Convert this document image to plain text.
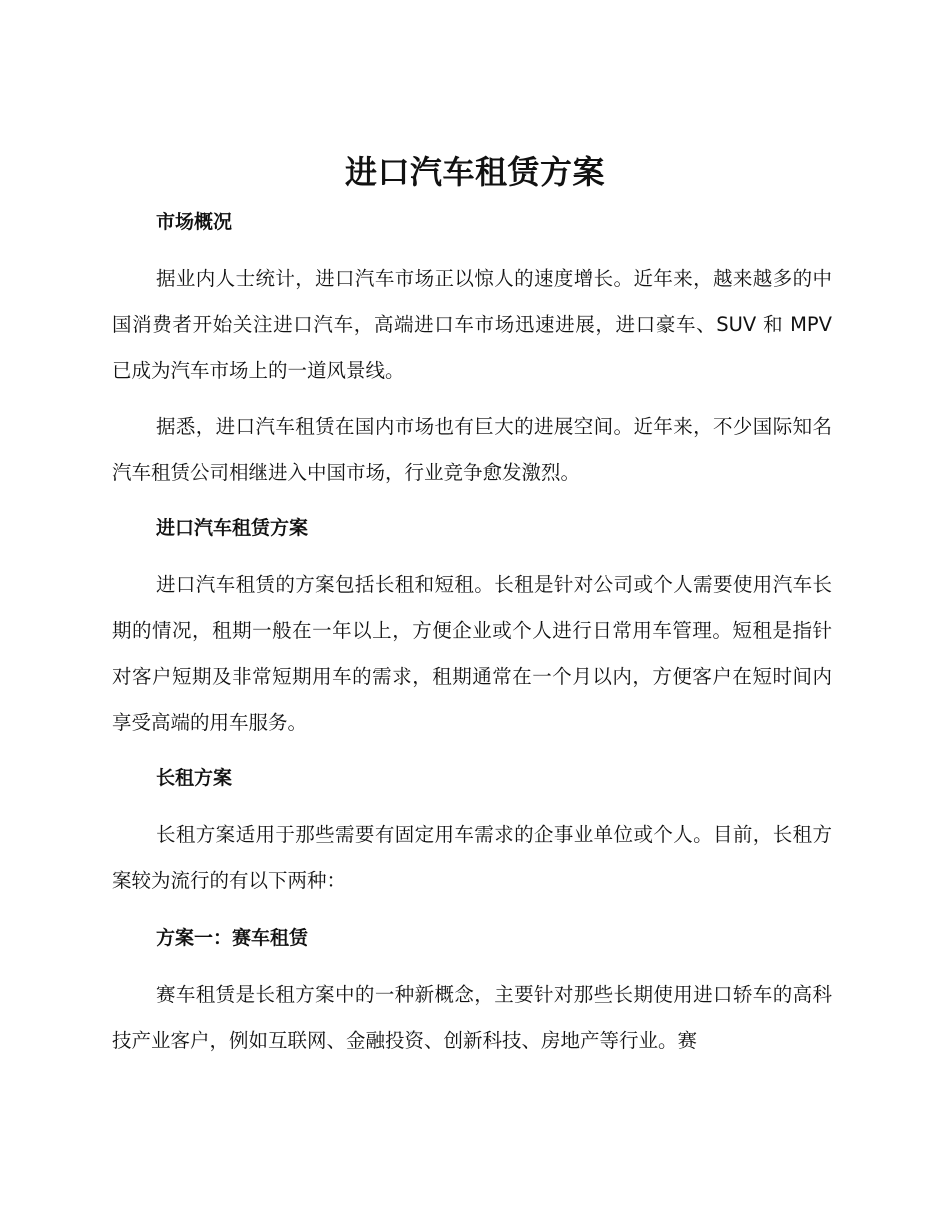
进口汽车租赁方案
市场概况

据业内人士统计，进口汽车市场正以惊人的速度增长。近年来，越来越多的中国消费者开始关注进口汽车，高端进口车市场迅速进展，进口豪车、SUV 和 MPV 已成为汽车市场上的一道风景线。

据悉，进口汽车租赁在国内市场也有巨大的进展空间。近年来，不少国际知名汽车租赁公司相继进入中国市场，行业竞争愈发激烈。

进口汽车租赁方案

进口汽车租赁的方案包括长租和短租。长租是针对公司或个人需要使用汽车长期的情况，租期一般在一年以上，方便企业或个人进行日常用车管理。短租是指针对客户短期及非常短期用车的需求，租期通常在一个月以内，方便客户在短时间内享受高端的用车服务。

长租方案

长租方案适用于那些需要有固定用车需求的企事业单位或个人。目前，长租方案较为流行的有以下两种：

方案一：赛车租赁

赛车租赁是长租方案中的一种新概念，主要针对那些长期使用进口轿车的高科技产业客户，例如互联网、金融投资、创新科技、房地产等行业。赛
